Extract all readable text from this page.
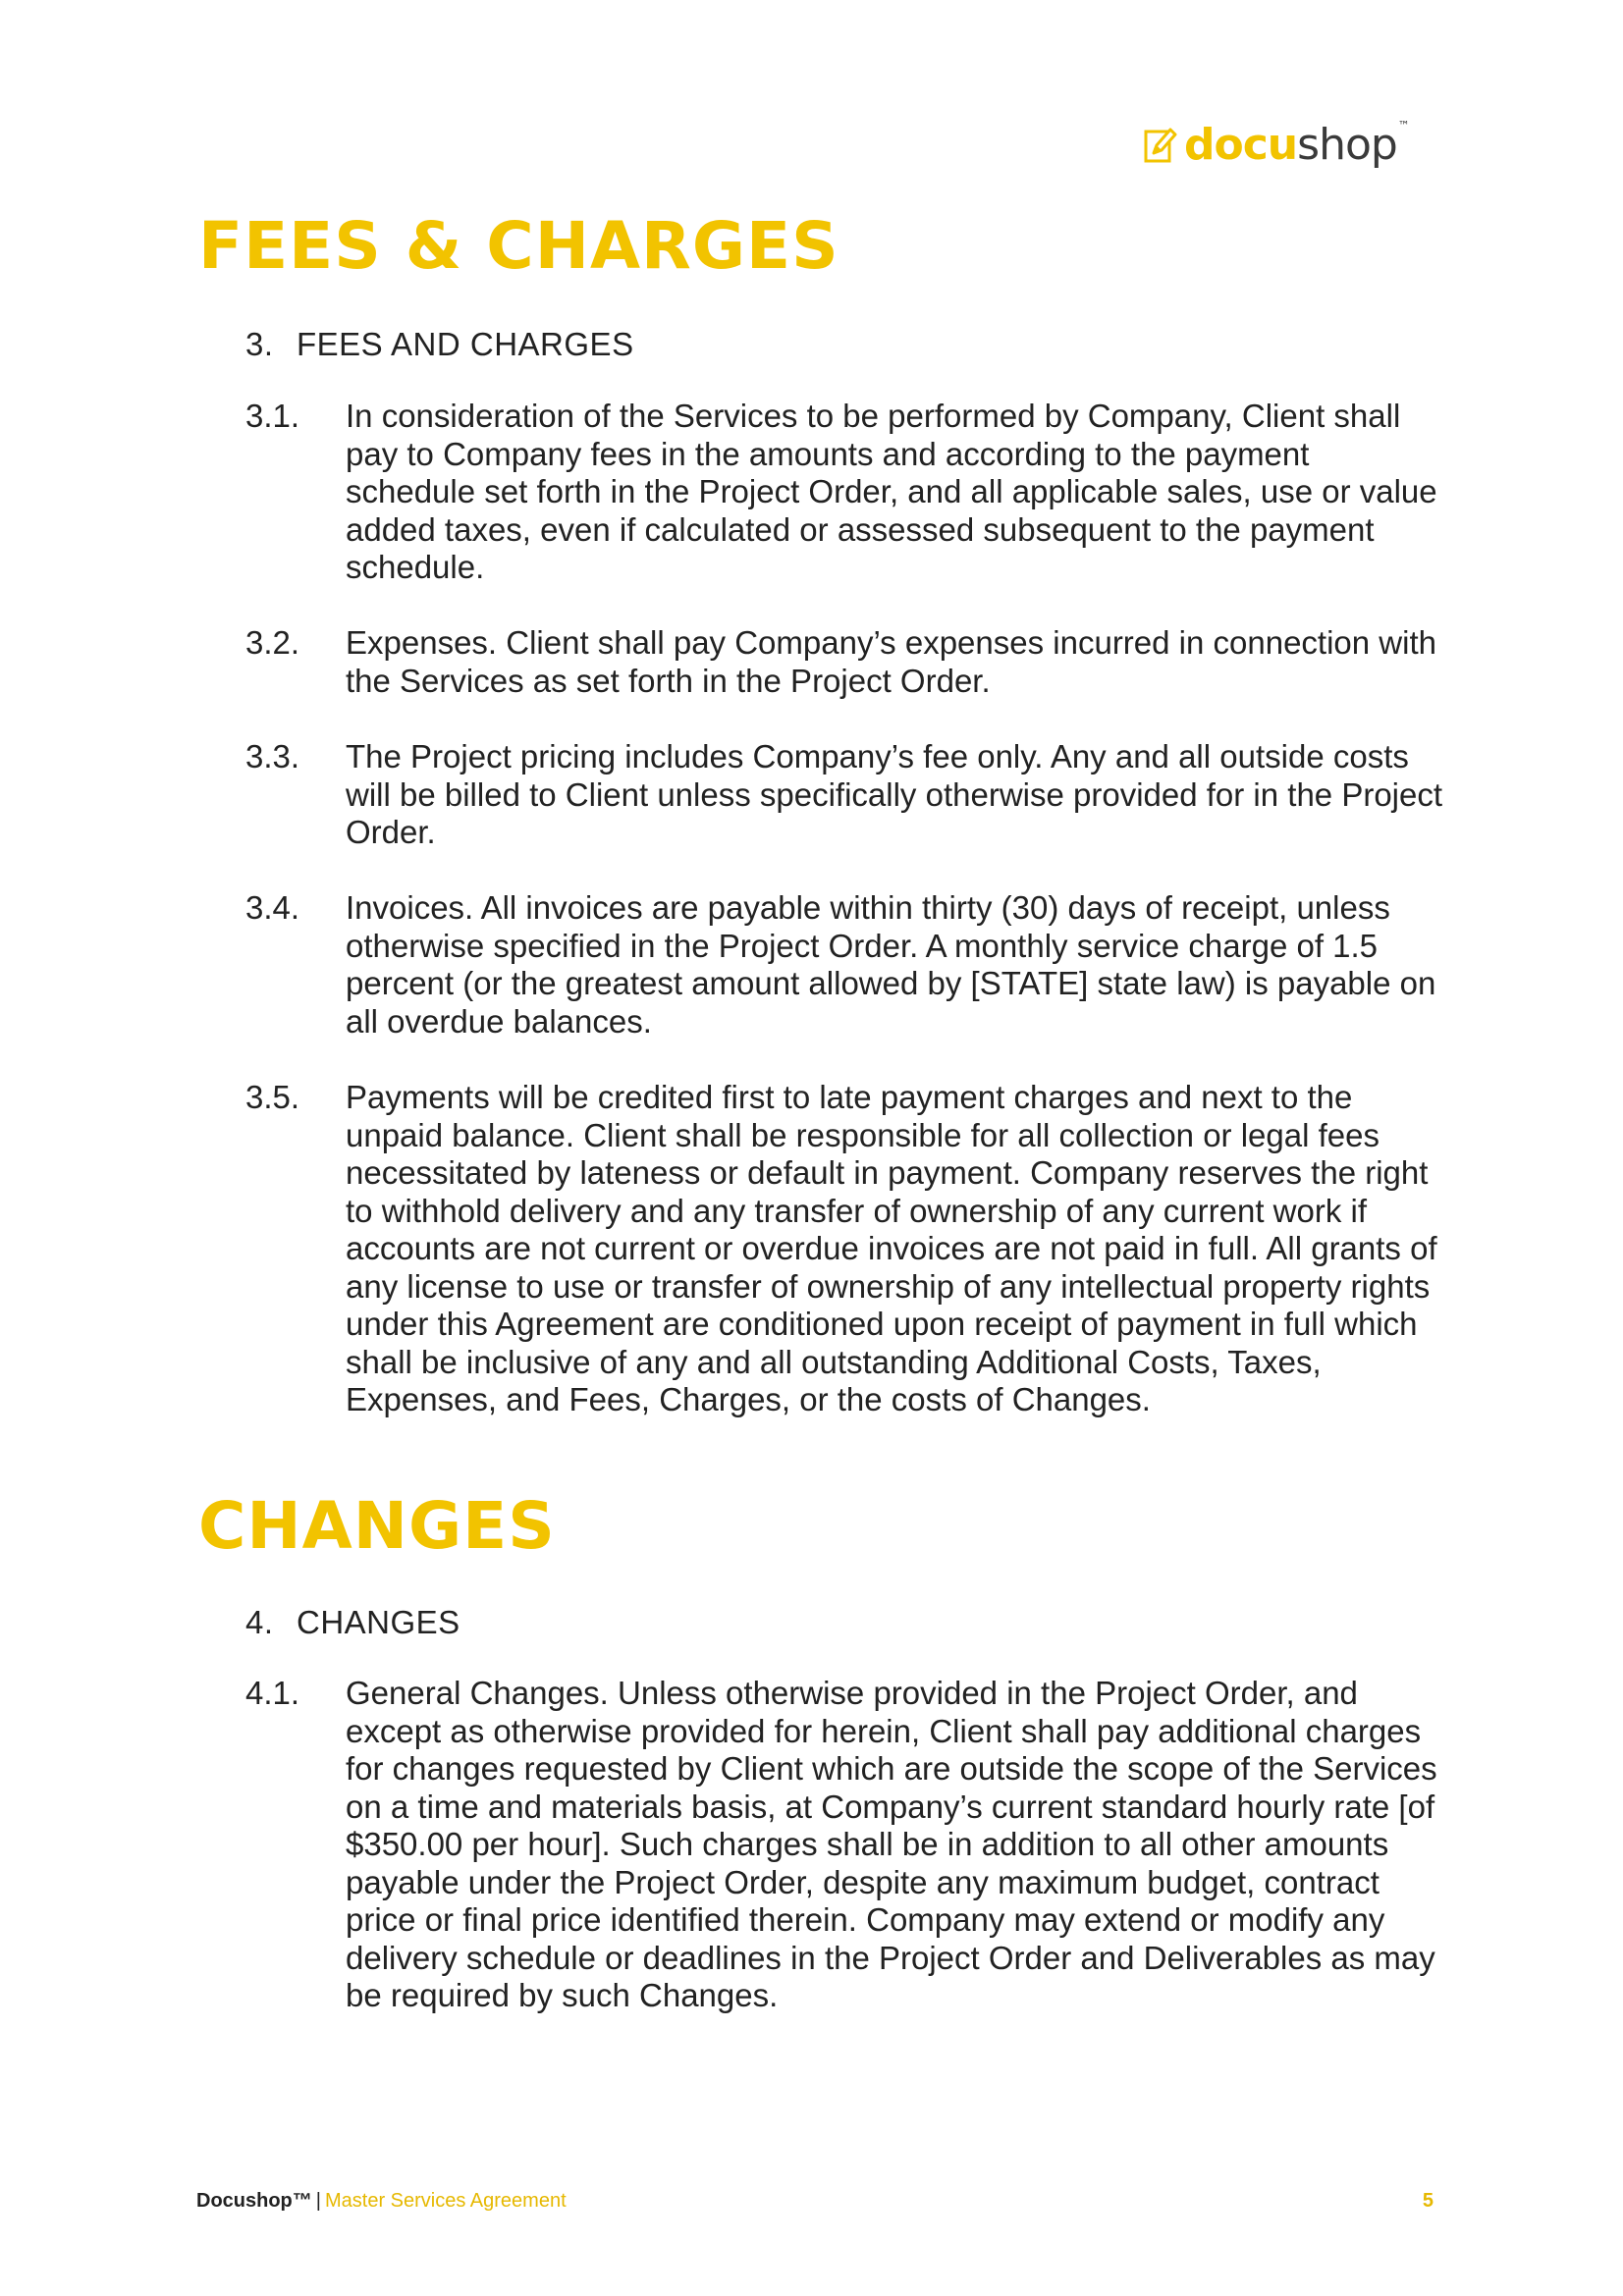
docushop™
FEES & CHARGES
3. FEES AND CHARGES
3.1. In consideration of the Services to be performed by Company, Client shall pay to Company fees in the amounts and according to the payment schedule set forth in the Project Order, and all applicable sales, use or value added taxes, even if calculated or assessed subsequent to the payment schedule.
3.2. Expenses. Client shall pay Company’s expenses incurred in connection with the Services as set forth in the Project Order.
3.3. The Project pricing includes Company’s fee only. Any and all outside costs will be billed to Client unless specifically otherwise provided for in the Project Order.
3.4. Invoices. All invoices are payable within thirty (30) days of receipt, unless otherwise specified in the Project Order. A monthly service charge of 1.5 percent (or the greatest amount allowed by [STATE] state law) is payable on all overdue balances.
3.5. Payments will be credited first to late payment charges and next to the unpaid balance. Client shall be responsible for all collection or legal fees necessitated by lateness or default in payment. Company reserves the right to withhold delivery and any transfer of ownership of any current work if accounts are not current or overdue invoices are not paid in full. All grants of any license to use or transfer of ownership of any intellectual property rights under this Agreement are conditioned upon receipt of payment in full which shall be inclusive of any and all outstanding Additional Costs, Taxes, Expenses, and Fees, Charges, or the costs of Changes.
CHANGES
4. CHANGES
4.1. General Changes. Unless otherwise provided in the Project Order, and except as otherwise provided for herein, Client shall pay additional charges for changes requested by Client which are outside the scope of the Services on a time and materials basis, at Company’s current standard hourly rate [of $350.00 per hour]. Such charges shall be in addition to all other amounts payable under the Project Order, despite any maximum budget, contract price or final price identified therein. Company may extend or modify any delivery schedule or deadlines in the Project Order and Deliverables as may be required by such Changes.
Docushop™ | Master Services Agreement	5
